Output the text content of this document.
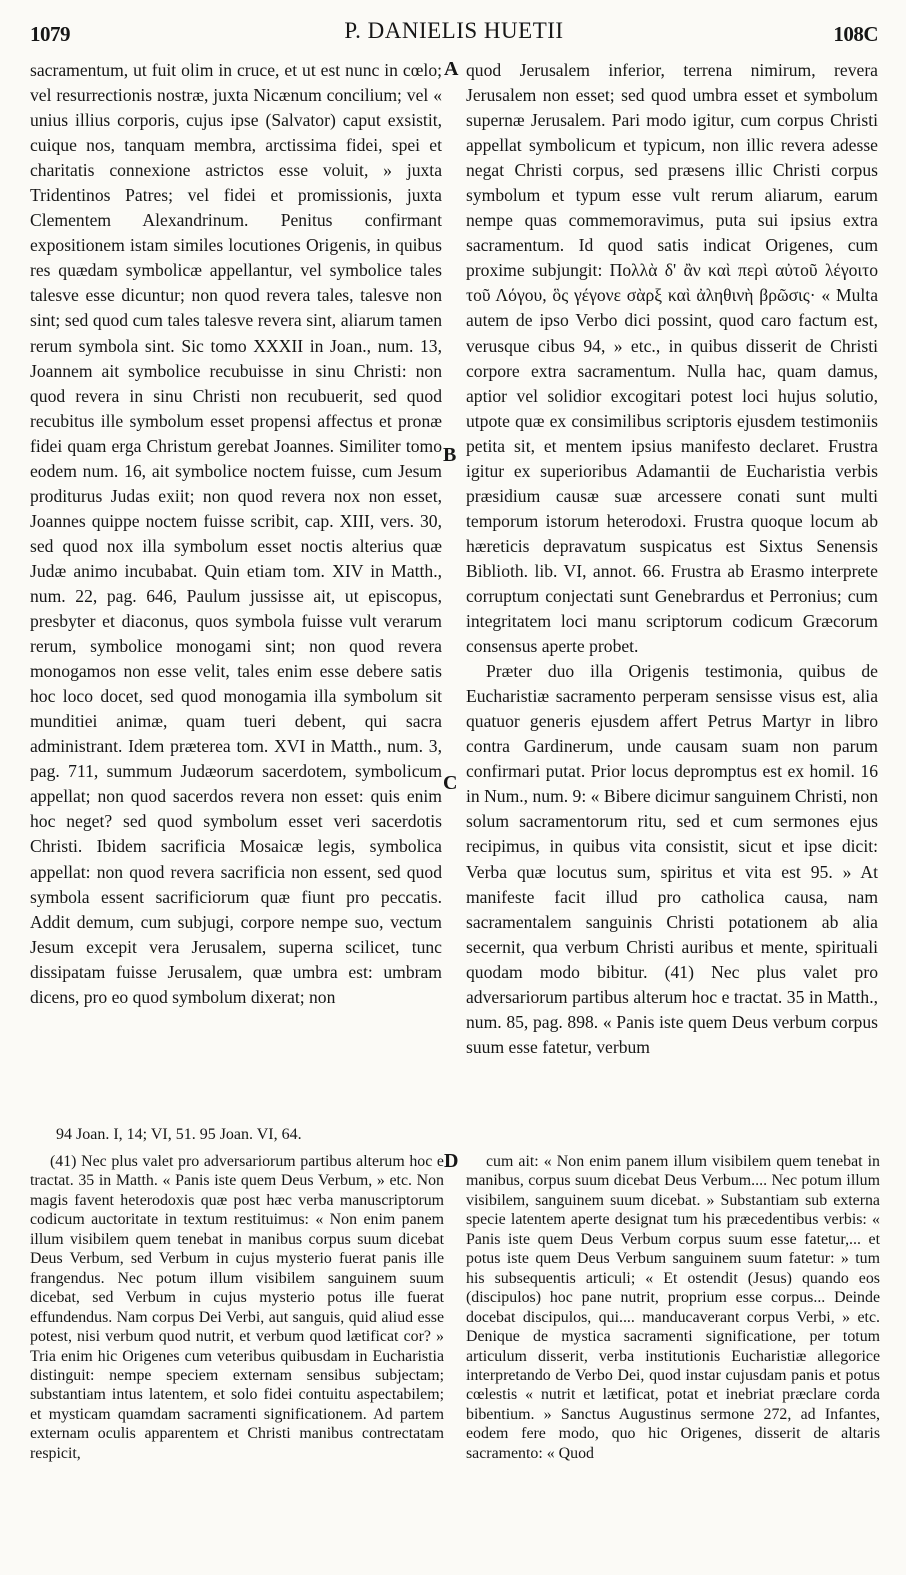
1079	P. DANIELIS HUETII	108C

sacramentum, ut fuit olim in cruce, et ut est nunc in cœlo; vel resurrectionis nostræ, juxta Nicænum concilium; vel « unius illius corporis, cujus ipse (Salvator) caput exsistit, cuique nos, tanquam membra, arctissima fidei, spei et charitatis connexione astrictos esse voluit, » juxta Tridentinos Patres; vel fidei et promissionis, juxta Clementem Alexandrinum. Penitus confirmant expositionem istam similes locutiones Origenis, in quibus res quædam symbolicæ appellantur, vel symbolice tales talesve esse dicuntur; non quod revera tales, talesve non sint; sed quod cum tales talesve revera sint, aliarum tamen rerum symbola sint. Sic tomo XXXII in Joan., num. 13, Joannem ait symbolice recubuisse in sinu Christi: non quod revera in sinu Christi non recubuerit, sed quod recubitus ille symbolum esset propensi affectus et pronæ fidei quam erga Christum gerebat Joannes. Similiter tomo eodem num. 16, ait symbolice noctem fuisse, cum Jesum proditurus Judas exiit; non quod revera nox non esset, Joannes quippe noctem fuisse scribit, cap. XIII, vers. 30, sed quod nox illa symbolum esset noctis alterius quæ Judæ animo incubabat. Quin etiam tom. XIV in Matth., num. 22, pag. 646, Paulum jussisse ait, ut episcopus, presbyter et diaconus, quos symbola fuisse vult verarum rerum, symbolice monogami sint; non quod revera monogamos non esse velit, tales enim esse debere satis hoc loco docet, sed quod monogamia illa symbolum sit munditiei animæ, quam tueri debent, qui sacra administrant. Idem præterea tom. XVI in Matth., num. 3, pag. 711, summum Judæorum sacerdotem, symbolicum appellat; non quod sacerdos revera non esset: quis enim hoc neget? sed quod symbolum esset veri sacerdotis Christi. Ibidem sacrificia Mosaicæ legis, symbolica appellat: non quod revera sacrificia non essent, sed quod symbola essent sacrificiorum quæ fiunt pro peccatis. Addit demum, cum subjugi, corpore nempe suo, vectum Jesum excepit vera Jerusalem, superna scilicet, tunc dissipatam fuisse Jerusalem, quæ umbra est: umbram dicens, pro eo quod symbolum dixerat; non

A
B
C

quod Jerusalem inferior, terrena nimirum, revera Jerusalem non esset; sed quod umbra esset et symbolum supernæ Jerusalem. Pari modo igitur, cum corpus Christi appellat symbolicum et typicum, non illic revera adesse negat Christi corpus, sed præsens illic Christi corpus symbolum et typum esse vult rerum aliarum, earum nempe quas commemoravimus, puta sui ipsius extra sacramentum. Id quod satis indicat Origenes, cum proxime subjungit: Πολλὰ δ' ἂν καὶ περὶ αὐτοῦ λέγοιτο τοῦ Λόγου, ὃς γέγονε σὰρξ καὶ ἀληθινὴ βρῶσις· « Multa autem de ipso Verbo dici possint, quod caro factum est, verusque cibus 94, » etc., in quibus disserit de Christi corpore extra sacramentum. Nulla hac, quam damus, aptior vel solidior excogitari potest loci hujus solutio, utpote quæ ex consimilibus scriptoris ejusdem testimoniis petita sit, et mentem ipsius manifesto declaret. Frustra igitur ex superioribus Adamantii de Eucharistia verbis præsidium causæ suæ arcessere conati sunt multi temporum istorum heterodoxi. Frustra quoque locum ab hæreticis depravatum suspicatus est Sixtus Senensis Biblioth. lib. VI, annot. 66. Frustra ab Erasmo interprete corruptum conjectati sunt Genebrardus et Perronius; cum integritatem loci manu scriptorum codicum Græcorum consensus aperte probet.

Præter duo illa Origenis testimonia, quibus de Eucharistiæ sacramento perperam sensisse visus est, alia quatuor generis ejusdem affert Petrus Martyr in libro contra Gardinerum, unde causam suam non parum confirmari putat. Prior locus depromptus est ex homil. 16 in Num., num. 9: « Bibere dicimur sanguinem Christi, non solum sacramentorum ritu, sed et cum sermones ejus recipimus, in quibus vita consistit, sicut et ipse dicit: Verba quæ locutus sum, spiritus et vita est 95. » At manifeste facit illud pro catholica causa, nam sacramentalem sanguinis Christi potationem ab alia secernit, qua verbum Christi auribus et mente, spirituali quodam modo bibitur. (41) Nec plus valet pro adversariorum partibus alterum hoc e tractat. 35 in Matth., num. 85, pag. 898. « Panis iste quem Deus verbum corpus suum esse fatetur, verbum

94 Joan. I, 14; VI, 51. 95 Joan. VI, 64.
D

(41) Nec plus valet pro adversariorum partibus alterum hoc e tractat. 35 in Matth. « Panis iste quem Deus Verbum, » etc. Non magis favent heterodoxis quæ post hæc verba manuscriptorum codicum auctoritate in textum restituimus: « Non enim panem illum visibilem quem tenebat in manibus corpus suum dicebat Deus Verbum, sed Verbum in cujus mysterio fuerat panis ille frangendus. Nec potum illum visibilem sanguinem suum dicebat, sed Verbum in cujus mysterio potus ille fuerat effundendus. Nam corpus Dei Verbi, aut sanguis, quid aliud esse potest, nisi verbum quod nutrit, et verbum quod lætificat cor? » Tria enim hic Origenes cum veteribus quibusdam in Eucharistia distinguit: nempe speciem externam sensibus subjectam; substantiam intus latentem, et solo fidei contuitu aspectabilem; et mysticam quamdam sacramenti significationem. Ad partem externam oculis apparentem et Christi manibus contrectatam respicit,

cum ait: « Non enim panem illum visibilem quem tenebat in manibus, corpus suum dicebat Deus Verbum.... Nec potum illum visibilem, sanguinem suum dicebat. » Substantiam sub externa specie latentem aperte designat tum his præcedentibus verbis: « Panis iste quem Deus Verbum corpus suum esse fatetur,... et potus iste quem Deus Verbum sanguinem suum fatetur: » tum his subsequentis articuli; « Et ostendit (Jesus) quando eos (discipulos) hoc pane nutrit, proprium esse corpus... Deinde docebat discipulos, qui.... manducaverant corpus Verbi, » etc. Denique de mystica sacramenti significatione, per totum articulum disserit, verba institutionis Eucharistiæ allegorice interpretando de Verbo Dei, quod instar cujusdam panis et potus cœlestis « nutrit et lætificat, potat et inebriat præclare corda bibentium. » Sanctus Augustinus sermone 272, ad Infantes, eodem fere modo, quo hic Origenes, disserit de altaris sacramento: « Quod
